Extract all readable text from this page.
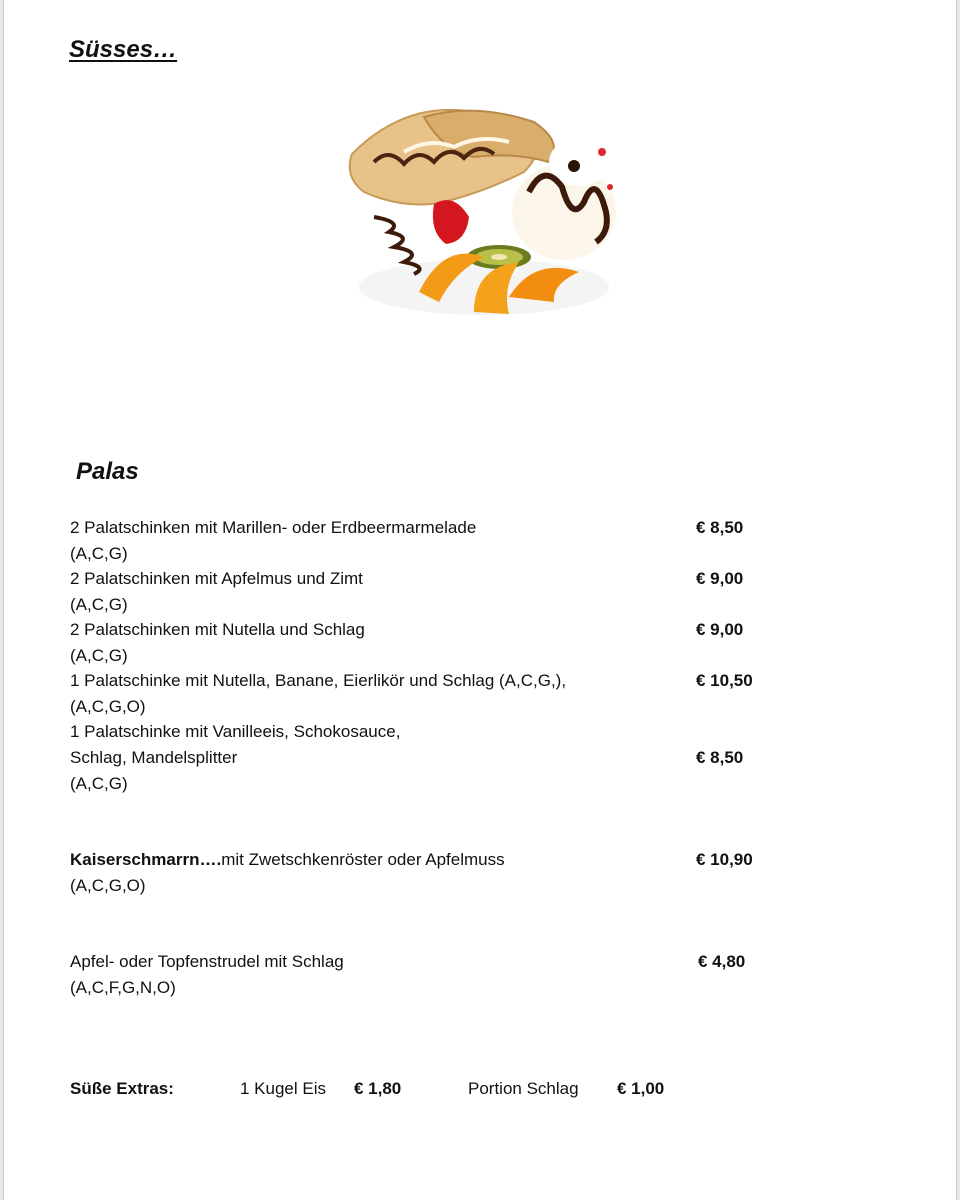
Süsses…
Palas
2 Palatschinken mit Marillen- oder Erdbeermarmelade	€ 8,50
(A,C,G)
2 Palatschinken mit Apfelmus und Zimt	€ 9,00
(A,C,G)
2 Palatschinken mit Nutella und Schlag	€ 9,00
(A,C,G)
1 Palatschinke mit Nutella, Banane, Eierlikör und Schlag (A,C,G,),	€ 10,50
(A,C,G,O)
1 Palatschinke mit Vanilleeis, Schokosauce,
Schlag, Mandelsplitter	€ 8,50
(A,C,G)
Kaiserschmarrn….mit Zwetschkenröster oder Apfelmuss	€ 10,90
(A,C,G,O)
Apfel- oder Topfenstrudel mit Schlag	€ 4,80
(A,C,F,G,N,O)
Süße Extras:	1 Kugel Eis € 1,80	Portion Schlag € 1,00
